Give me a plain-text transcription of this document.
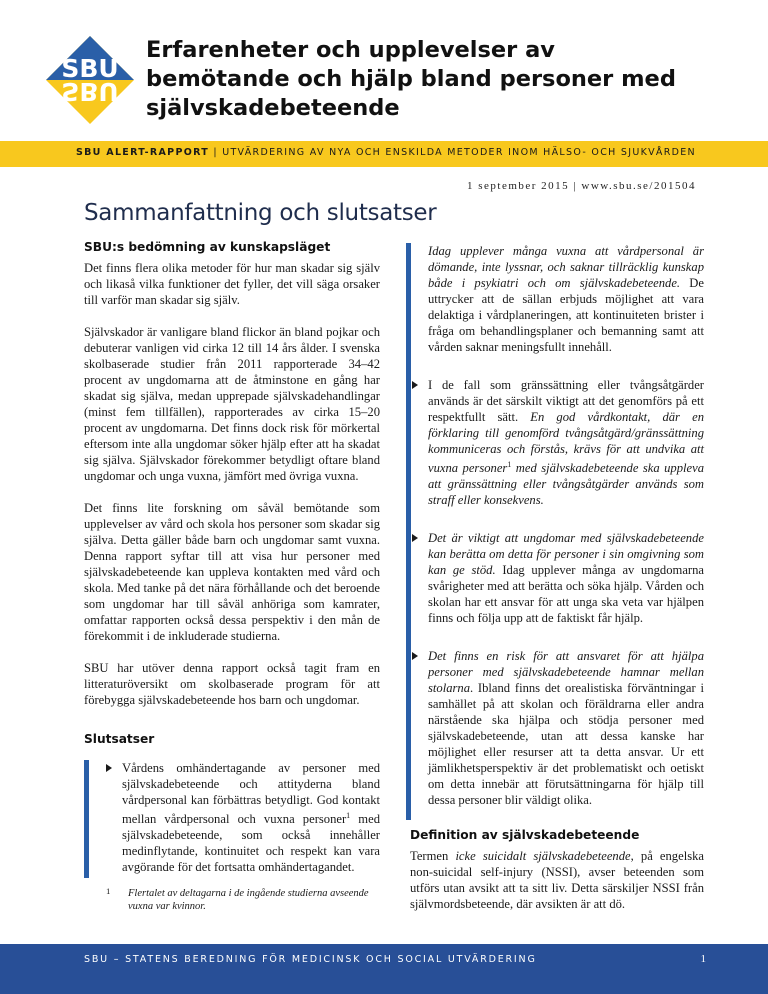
SBU
SBU
Erfarenheter och upplevelser av bemötande och hjälp bland personer med självskadebeteende
SBU ALERT-RAPPORT | UTVÄRDERING AV NYA OCH ENSKILDA METODER INOM HÄLSO- OCH SJUKVÅRDEN
1 september 2015 | www.sbu.se/201504
Sammanfattning och slutsatser
SBU:s bedömning av kunskapsläget

Det finns flera olika metoder för hur man skadar sig själv och likaså vilka funktioner det fyller, det vill säga orsaker till varför man skadar sig själv.

Självskador är vanligare bland flickor än bland pojkar och debuterar vanligen vid cirka 12 till 14 års ålder. I svenska skolbaserade studier från 2011 rapporterade 34–42 procent av ungdomarna att de åtminstone en gång har skadat sig själva, medan upprepade självskadehandlingar (minst fem tillfällen), rapporterades av cirka 15–20 procent av ungdomarna. Det finns dock risk för mörkertal eftersom inte alla ungdomar söker hjälp efter att ha skadat sig själva. Självskador förekommer betydligt oftare bland ungdomar och unga vuxna, jämfört med övriga vuxna.

Det finns lite forskning om såväl bemötande som upplevelser av vård och skola hos personer som skadar sig själva. Detta gäller både barn och ungdomar samt vuxna. Denna rapport syftar till att visa hur personer med självskadebeteende kan uppleva kontakten med vård och skola. Med tanke på det nära förhållande och det beroende som ungdomar har till såväl anhöriga som kamrater, omfattar rapporten också dessa perspektiv i den mån de förekommit i de inkluderade studierna.

SBU har utöver denna rapport också tagit fram en litteraturöversikt om skolbaserade program för att förebygga självskadebeteende hos barn och ungdomar.

Slutsatser

Vårdens omhändertagande av personer med självskadebeteende och attityderna bland vårdpersonal kan förbättras betydligt. God kontakt mellan vårdpersonal och vuxna personer$^1$ med självskadebeteende, som också innehåller medinflytande, kontinuitet och respekt kan vara avgörande för det fortsatta omhändertagandet.

1 Flertalet av deltagarna i de ingående studierna avseende vuxna var kvinnor.

Idag upplever många vuxna att vårdpersonal är dömande, inte lyssnar, och saknar tillräcklig kunskap både i psykiatri och om självskadebeteende. De uttrycker att de sällan erbjuds möjlighet att vara delaktiga i vårdplaneringen, att kontinuiteten brister i fråga om behandlingsplaner och bemanning samt att vården saknar meningsfullt innehåll.

I de fall som gränssättning eller tvångsåtgärder används är det särskilt viktigt att det genomförs på ett respektfullt sätt. En god vårdkontakt, där en förklaring till genomförd tvångsåtgärd/gränssättning kommuniceras och förstås, krävs för att undvika att vuxna personer$^1$ med självskadebeteende ska uppleva att gränssättning eller tvångsåtgärder används som straff eller konsekvens.

Det är viktigt att ungdomar med självskadebeteende kan berätta om detta för personer i sin omgivning som kan ge stöd. Idag upplever många av ungdomarna svårigheter med att berätta och söka hjälp. Vården och skolan har ett ansvar för att unga ska veta var hjälpen finns och följa upp att de faktiskt får hjälp.

Det finns en risk för att ansvaret för att hjälpa personer med självskadebeteende hamnar mellan stolarna. Ibland finns det orealistiska förväntningar i samhället på att skolan och föräldrarna eller andra närstående ska hjälpa och stödja personer med självskadebeteende, utan att dessa kanske har möjlighet eller resurser att ta detta ansvar. Ur ett jämlikhetsperspektiv är det problematiskt och oetiskt om detta innebär att förutsättningarna för hjälp till dessa personer blir väldigt olika.

Definition av självskadebeteende

Termen icke suicidalt självskadebeteende, på engelska non-suicidal self-injury (NSSI), avser beteenden som utförs utan avsikt att ta sitt liv. Detta särskiljer NSSI från självmordsbeteende, där avsikten är att dö.

SBU – STATENS BEREDNING FÖR MEDICINSK OCH SOCIAL UTVÄRDERING	1
